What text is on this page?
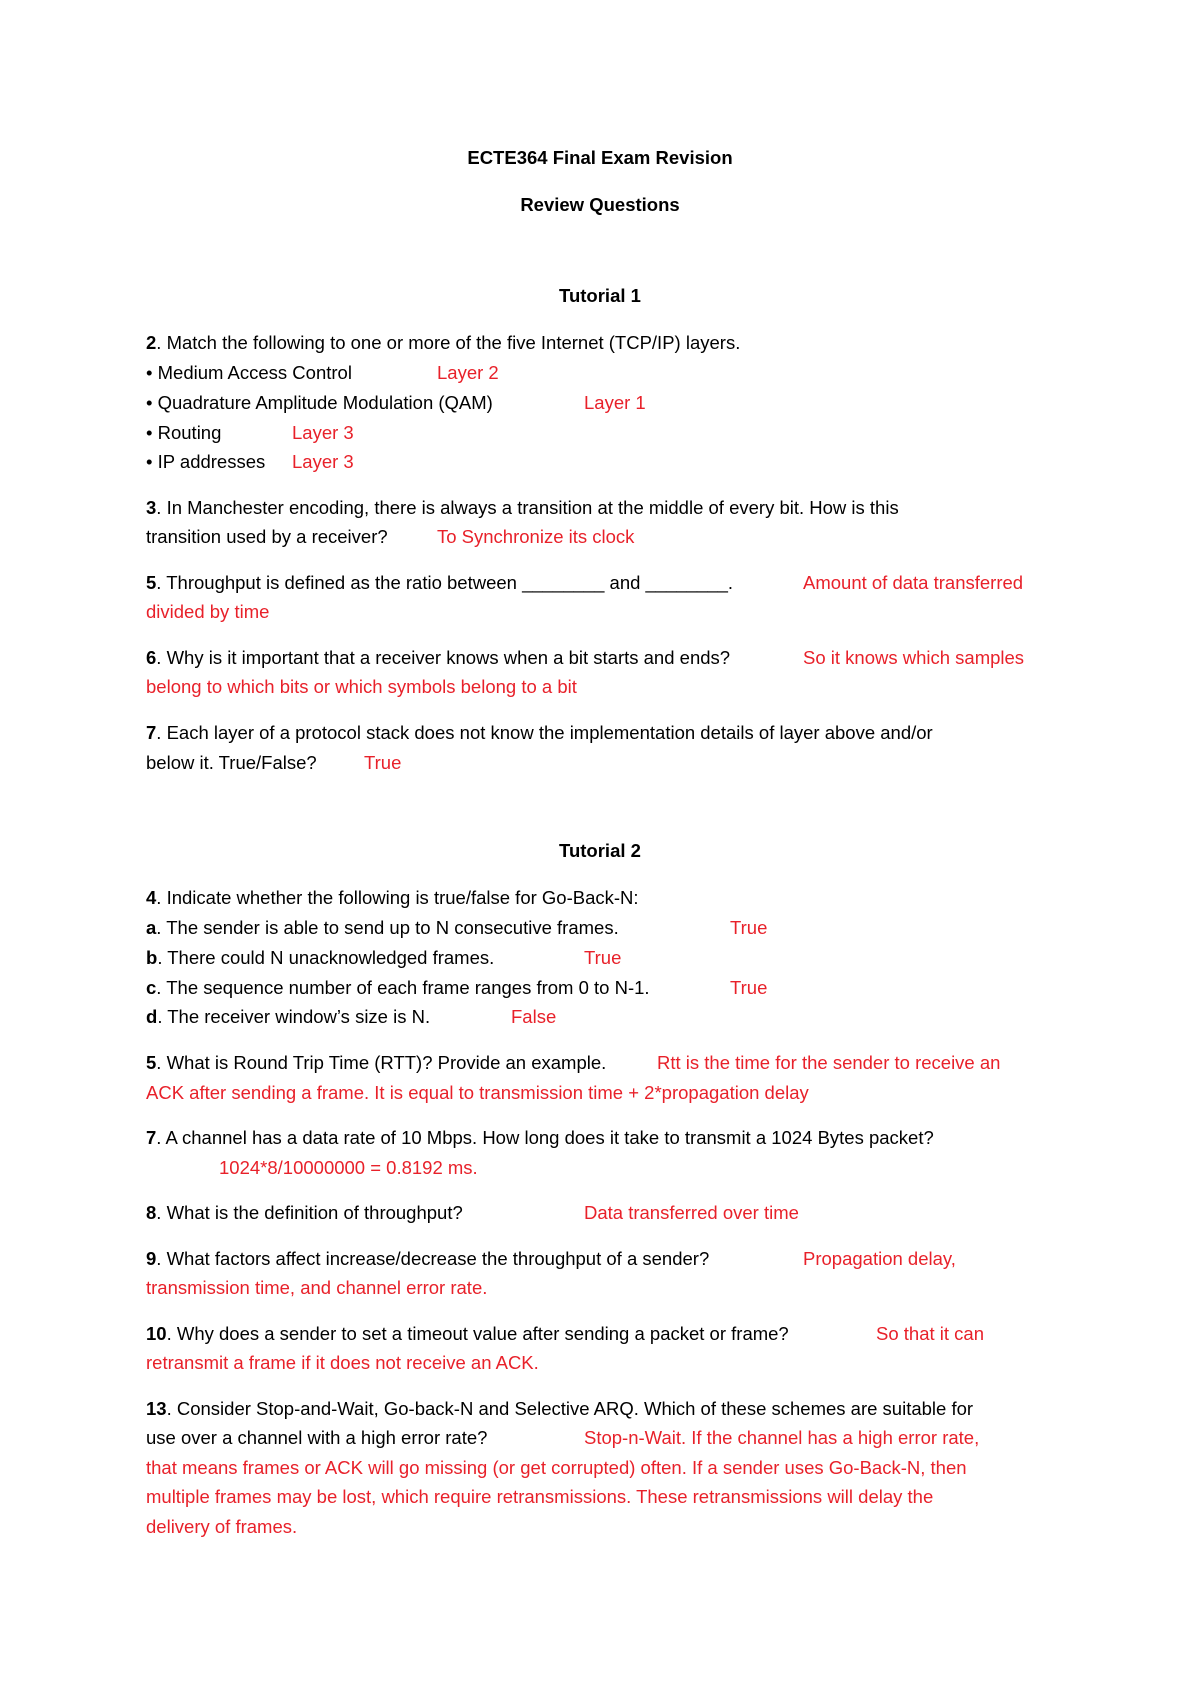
ECTE364 Final Exam Revision
Review Questions
Tutorial 1
2. Match the following to one or more of the five Internet (TCP/IP) layers.
• Medium Access Control	Layer 2
• Quadrature Amplitude Modulation (QAM)	Layer 1
• Routing	Layer 3
• IP addresses Layer 3
3. In Manchester encoding, there is always a transition at the middle of every bit. How is this
transition used by a receiver?	To Synchronize its clock
5. Throughput is defined as the ratio between ________ and ________.	Amount of data transferred
divided by time
6. Why is it important that a receiver knows when a bit starts and ends?	So it knows which samples
belong to which bits or which symbols belong to a bit
7. Each layer of a protocol stack does not know the implementation details of layer above and/or
below it. True/False?	True
Tutorial 2
4. Indicate whether the following is true/false for Go-Back-N:
a. The sender is able to send up to N consecutive frames.	True
b. There could N unacknowledged frames.	True
c. The sequence number of each frame ranges from 0 to N-1.	True
d. The receiver window’s size is N.	False
5. What is Round Trip Time (RTT)? Provide an example.	Rtt is the time for the sender to receive an
ACK after sending a frame. It is equal to transmission time + 2*propagation delay
7. A channel has a data rate of 10 Mbps. How long does it take to transmit a 1024 Bytes packet?
1024*8/10000000 = 0.8192 ms.
8. What is the definition of throughput?	Data transferred over time
9. What factors affect increase/decrease the throughput of a sender?	Propagation delay,
transmission time, and channel error rate.
10. Why does a sender to set a timeout value after sending a packet or frame?	So that it can
retransmit a frame if it does not receive an ACK.
13. Consider Stop-and-Wait, Go-back-N and Selective ARQ. Which of these schemes are suitable for
use over a channel with a high error rate?	Stop-n-Wait. If the channel has a high error rate,
that means frames or ACK will go missing (or get corrupted) often. If a sender uses Go-Back-N, then
multiple frames may be lost, which require retransmissions. These retransmissions will delay the
delivery of frames.
